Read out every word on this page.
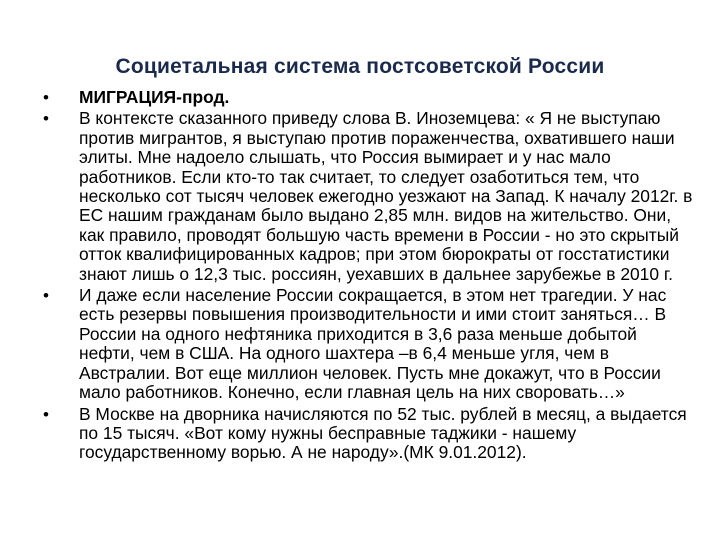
Социетальная система постсоветской России
•	МИГРАЦИЯ-прод.
•	В контексте сказанного приведу слова В. Иноземцева: « Я не выступаю против мигрантов, я выступаю против пораженчества, охватившего наши элиты. Мне надоело слышать, что Россия вымирает и у нас мало работников. Если кто-то так считает, то следует озаботиться тем, что несколько сот тысяч человек ежегодно уезжают на Запад. К началу 2012г. в ЕС нашим гражданам было выдано 2,85 млн. видов на жительство. Они, как правило, проводят большую часть времени в России - но это скрытый отток квалифицированных кадров; при этом бюрократы от госстатистики знают лишь о 12,3 тыс. россиян, уехавших в дальнее зарубежье в 2010 г.
•	И даже если население России сокращается, в этом нет трагедии. У нас есть резервы повышения производительности и ими стоит заняться… В России на одного нефтяника приходится в 3,6 раза меньше добытой нефти, чем в США. На одного шахтера –в 6,4 меньше угля, чем в Австралии. Вот еще миллион человек. Пусть мне докажут, что в России мало работников. Конечно, если главная цель на них своровать…»
•	В Москве на дворника начисляются по 52 тыс. рублей в месяц, а выдается по 15 тысяч. «Вот кому нужны бесправные таджики - нашему государственному ворью. А не народу».(МК 9.01.2012).
